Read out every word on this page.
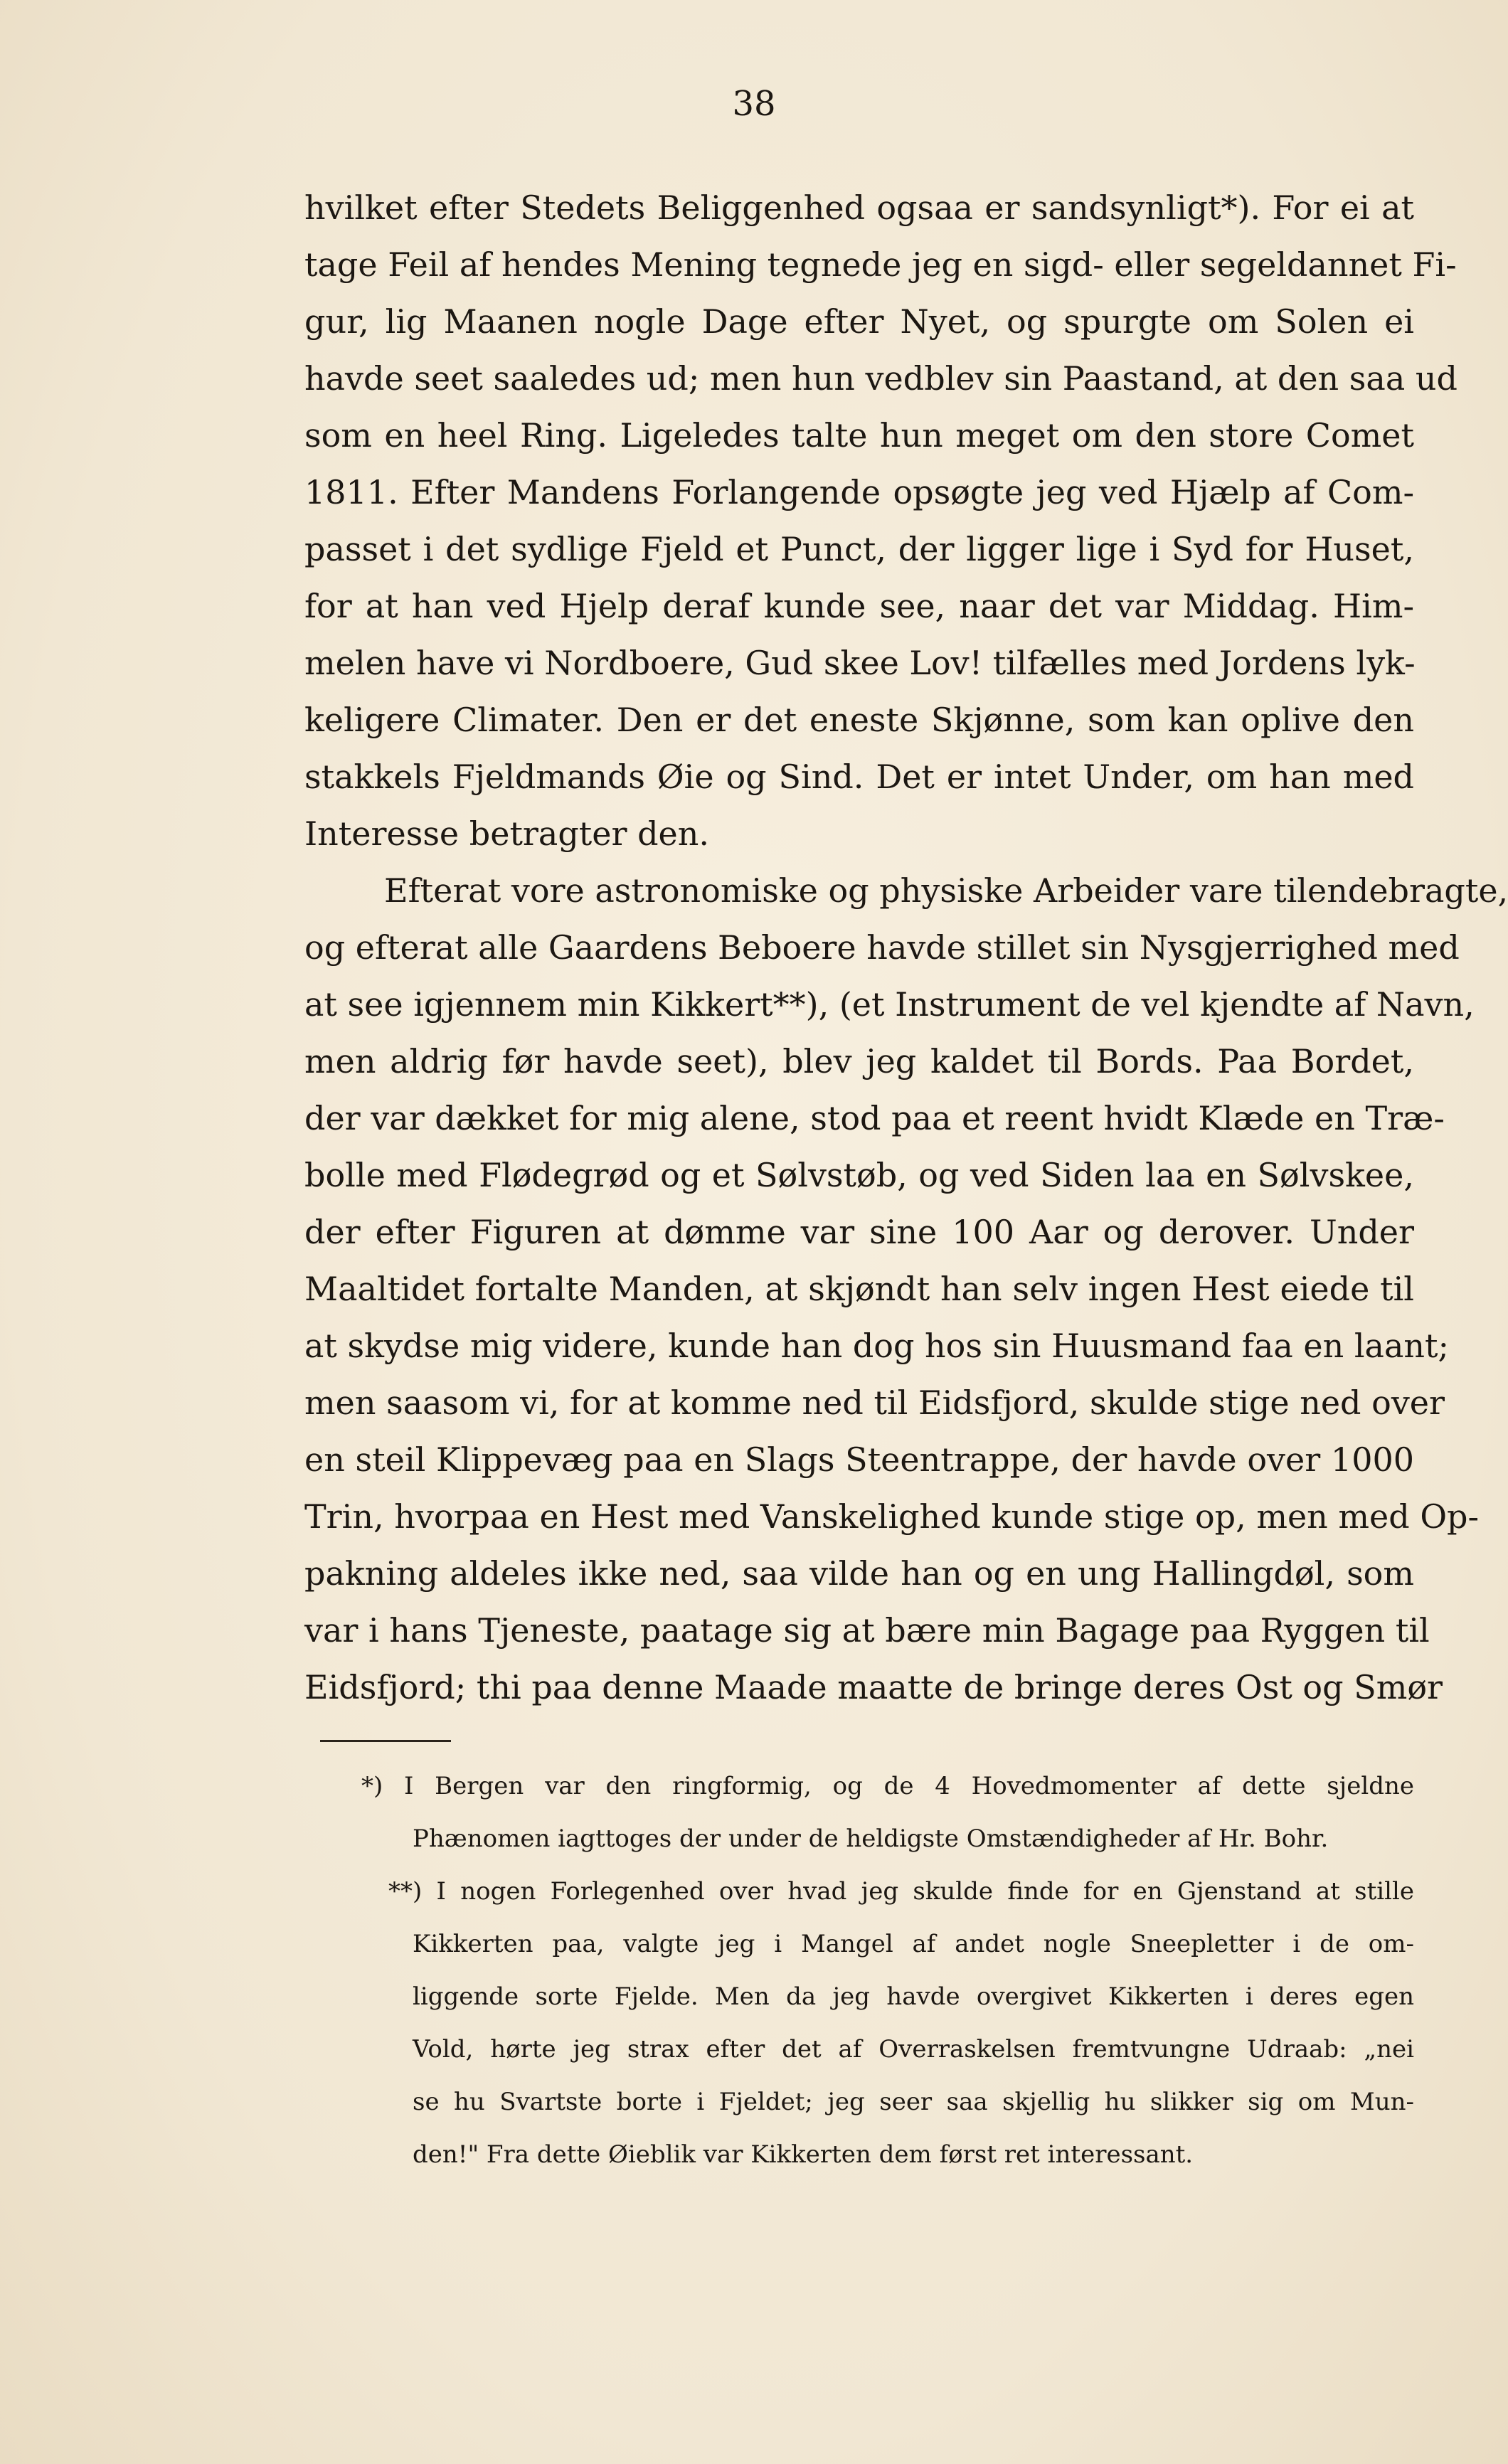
38
hvilket efter Stedets Beliggenhed ogsaa er sandsynligt*). For ei at
tage Feil af hendes Mening tegnede jeg en sigd- eller segeldannet Fi-
gur, lig Maanen nogle Dage efter Nyet, og spurgte om Solen ei
havde seet saaledes ud; men hun vedblev sin Paastand, at den saa ud
som en heel Ring. Ligeledes talte hun meget om den store Comet
1811. Efter Mandens Forlangende opsøgte jeg ved Hjælp af Com-
passet i det sydlige Fjeld et Punct, der ligger lige i Syd for Huset,
for at han ved Hjelp deraf kunde see, naar det var Middag. Him-
melen have vi Nordboere, Gud skee Lov! tilfælles med Jordens lyk-
keligere Climater. Den er det eneste Skjønne, som kan oplive den
stakkels Fjeldmands Øie og Sind. Det er intet Under, om han med
Interesse betragter den.
Efterat vore astronomiske og physiske Arbeider vare tilendebragte,
og efterat alle Gaardens Beboere havde stillet sin Nysgjerrighed med
at see igjennem min Kikkert**), (et Instrument de vel kjendte af Navn,
men aldrig før havde seet), blev jeg kaldet til Bords. Paa Bordet,
der var dækket for mig alene, stod paa et reent hvidt Klæde en Træ-
bolle med Flødegrød og et Sølvstøb, og ved Siden laa en Sølvskee,
der efter Figuren at dømme var sine 100 Aar og derover. Under
Maaltidet fortalte Manden, at skjøndt han selv ingen Hest eiede til
at skydse mig videre, kunde han dog hos sin Huusmand faa en laant;
men saasom vi, for at komme ned til Eidsfjord, skulde stige ned over
en steil Klippevæg paa en Slags Steentrappe, der havde over 1000
Trin, hvorpaa en Hest med Vanskelighed kunde stige op, men med Op-
pakning aldeles ikke ned, saa vilde han og en ung Hallingdøl, som
var i hans Tjeneste, paatage sig at bære min Bagage paa Ryggen til
Eidsfjord; thi paa denne Maade maatte de bringe deres Ost og Smør
*) I Bergen var den ringformig, og de 4 Hovedmomenter af dette sjeldne
Phænomen iagttoges der under de heldigste Omstændigheder af Hr. Bohr.
**) I nogen Forlegenhed over hvad jeg skulde finde for en Gjenstand at stille
Kikkerten paa, valgte jeg i Mangel af andet nogle Sneepletter i de om-
liggende sorte Fjelde. Men da jeg havde overgivet Kikkerten i deres egen
Vold, hørte jeg strax efter det af Overraskelsen fremtvungne Udraab: „nei
se hu Svartste borte i Fjeldet; jeg seer saa skjellig hu slikker sig om Mun-
den!" Fra dette Øieblik var Kikkerten dem først ret interessant.
